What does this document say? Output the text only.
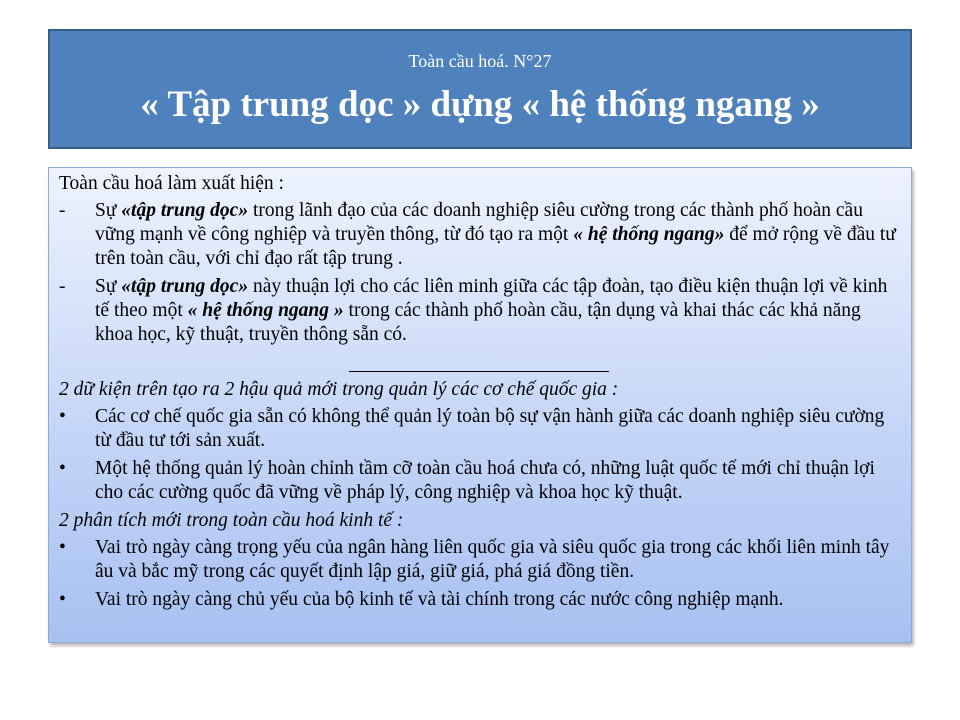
Toàn cầu hoá. N°27
« Tập trung dọc » dựng « hệ thống ngang »
Toàn cầu hoá làm xuất hiện :
- Sự «tập trung dọc» trong lãnh đạo của các doanh nghiệp siêu cường trong các thành phố hoàn cầu vững mạnh về công nghiệp và truyền thông, từ đó tạo ra một « hệ thống ngang» để mở rộng về đầu tư trên toàn cầu, với chỉ đạo rất tập trung .
- Sự «tập trung dọc» này thuận lợi cho các liên minh giữa các tập đoàn, tạo điều kiện thuận lợi về kinh tế theo một « hệ thống ngang » trong các thành phố hoàn cầu, tận dụng và khai thác các khả năng khoa học, kỹ thuật, truyền thông sẵn có.
2 dữ kiện trên tạo ra 2 hậu quả mới trong quản lý các cơ chế quốc gia :
• Các cơ chế quốc gia sẵn có không thể quản lý toàn bộ sự vận hành giữa các doanh nghiệp siêu cường từ đầu tư tới sản xuất.
• Một hệ thống quản lý hoàn chỉnh tầm cỡ toàn cầu hoá chưa có, những luật quốc tế mới chỉ thuận lợi cho các cường quốc đã vững về pháp lý, công nghiệp và khoa học kỹ thuật.
2 phân tích mới trong toàn cầu hoá kinh tế :
• Vai trò ngày càng trọng yếu của ngân hàng liên quốc gia và siêu quốc gia trong các khối liên minh tây âu và bắc mỹ trong các quyết định lập giá, giữ giá, phá giá đồng tiền.
• Vai trò ngày càng chủ yếu của bộ kinh tế và tài chính trong các nước công nghiệp mạnh.
